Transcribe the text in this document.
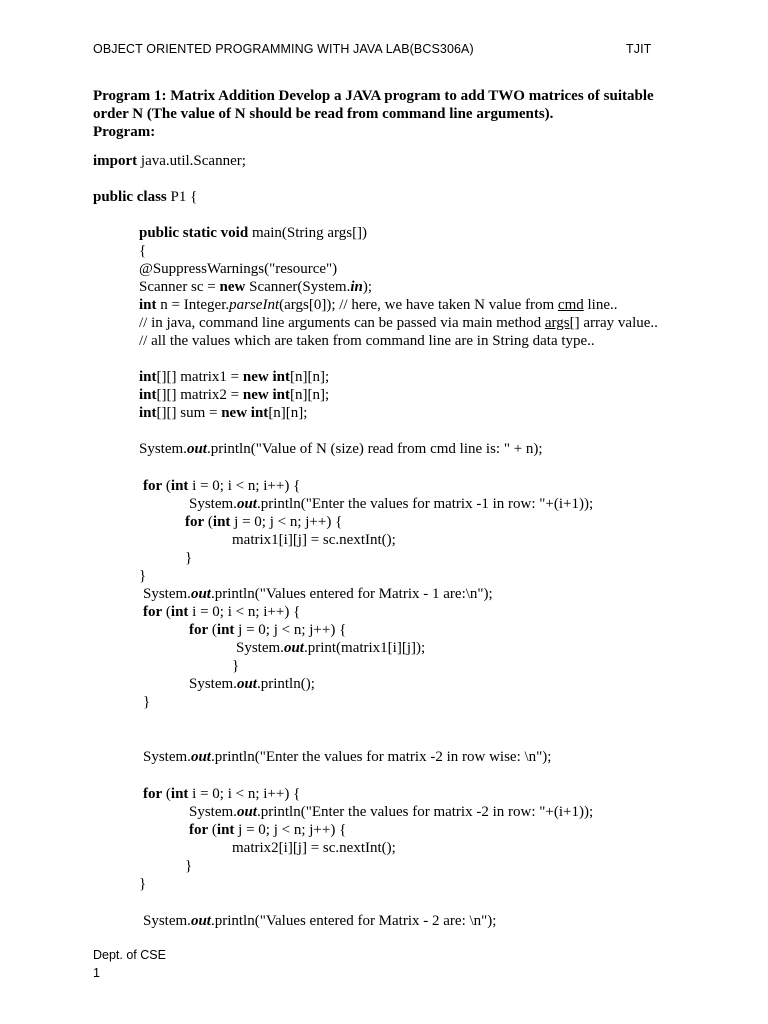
OBJECT ORIENTED PROGRAMMING WITH JAVA LAB(BCS306A)	TJIT
Program 1: Matrix Addition Develop a JAVA program to add TWO matrices of suitable
order N (The value of N should be read from command line arguments).
Program:
import java.util.Scanner;
public class P1 {
public static void main(String args[])
{
@SuppressWarnings("resource")
Scanner sc = new Scanner(System.in);
int n = Integer.parseInt(args[0]); // here, we have taken N value from cmd line..
// in java, command line arguments can be passed via main method args[] array value..
// all the values which are taken from command line are in String data type..
int[][] matrix1 = new int[n][n];
int[][] matrix2 = new int[n][n];
int[][] sum = new int[n][n];
System.out.println("Value of N (size) read from cmd line is: " + n);
for (int i = 0; i < n; i++) {
System.out.println("Enter the values for matrix -1 in row: "+(i+1));
for (int j = 0; j < n; j++) {
matrix1[i][j] = sc.nextInt();
}
}
System.out.println("Values entered for Matrix - 1 are:\n");
for (int i = 0; i < n; i++) {
for (int j = 0; j < n; j++) {
System.out.print(matrix1[i][j]);
}
System.out.println();
}
System.out.println("Enter the values for matrix -2 in row wise: \n");
for (int i = 0; i < n; i++) {
System.out.println("Enter the values for matrix -2 in row: "+(i+1));
for (int j = 0; j < n; j++) {
matrix2[i][j] = sc.nextInt();
}
}
System.out.println("Values entered for Matrix - 2 are: \n");
Dept. of CSE
1
